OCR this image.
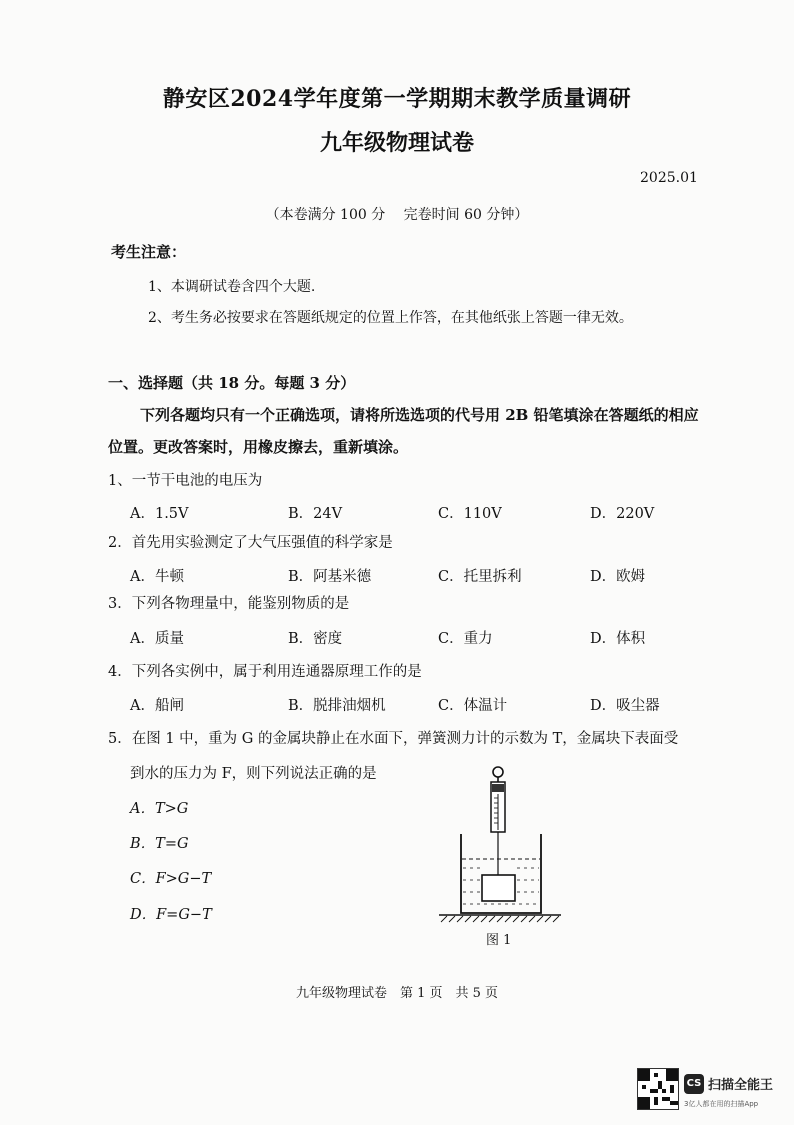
静安区2024学年度第一学期期末教学质量调研
九年级物理试卷
2025.01
（本卷满分 100 分　 完卷时间 60 分钟）
考生注意：
1、本调研试卷含四个大题.
2、考生务必按要求在答题纸规定的位置上作答，在其他纸张上答题一律无效。
一、选择题（共 18 分。每题 3 分）
下列各题均只有一个正确选项，请将所选选项的代号用 2B 铅笔填涂在答题纸的相应
位置。更改答案时，用橡皮擦去，重新填涂。
1、一节干电池的电压为
A．1.5V	B．24V	C．110V	D．220V
2．首先用实验测定了大气压强值的科学家是
A．牛顿	B．阿基米德	C．托里拆利	D．欧姆
3．下列各物理量中，能鉴别物质的是
A．质量	B．密度	C．重力	D．体积
4．下列各实例中，属于利用连通器原理工作的是
A．船闸	B．脱排油烟机	C．体温计	D．吸尘器
5．在图 1 中，重为 G 的金属块静止在水面下，弹簧测力计的示数为 T，金属块下表面受
到水的压力为 F，则下列说法正确的是
A．T>G
B．T=G
C．F>G−T
D．F=G−T
图 1
九年级物理试卷　第 1 页　共 5 页
CS 扫描全能王
3亿人都在用的扫描App
